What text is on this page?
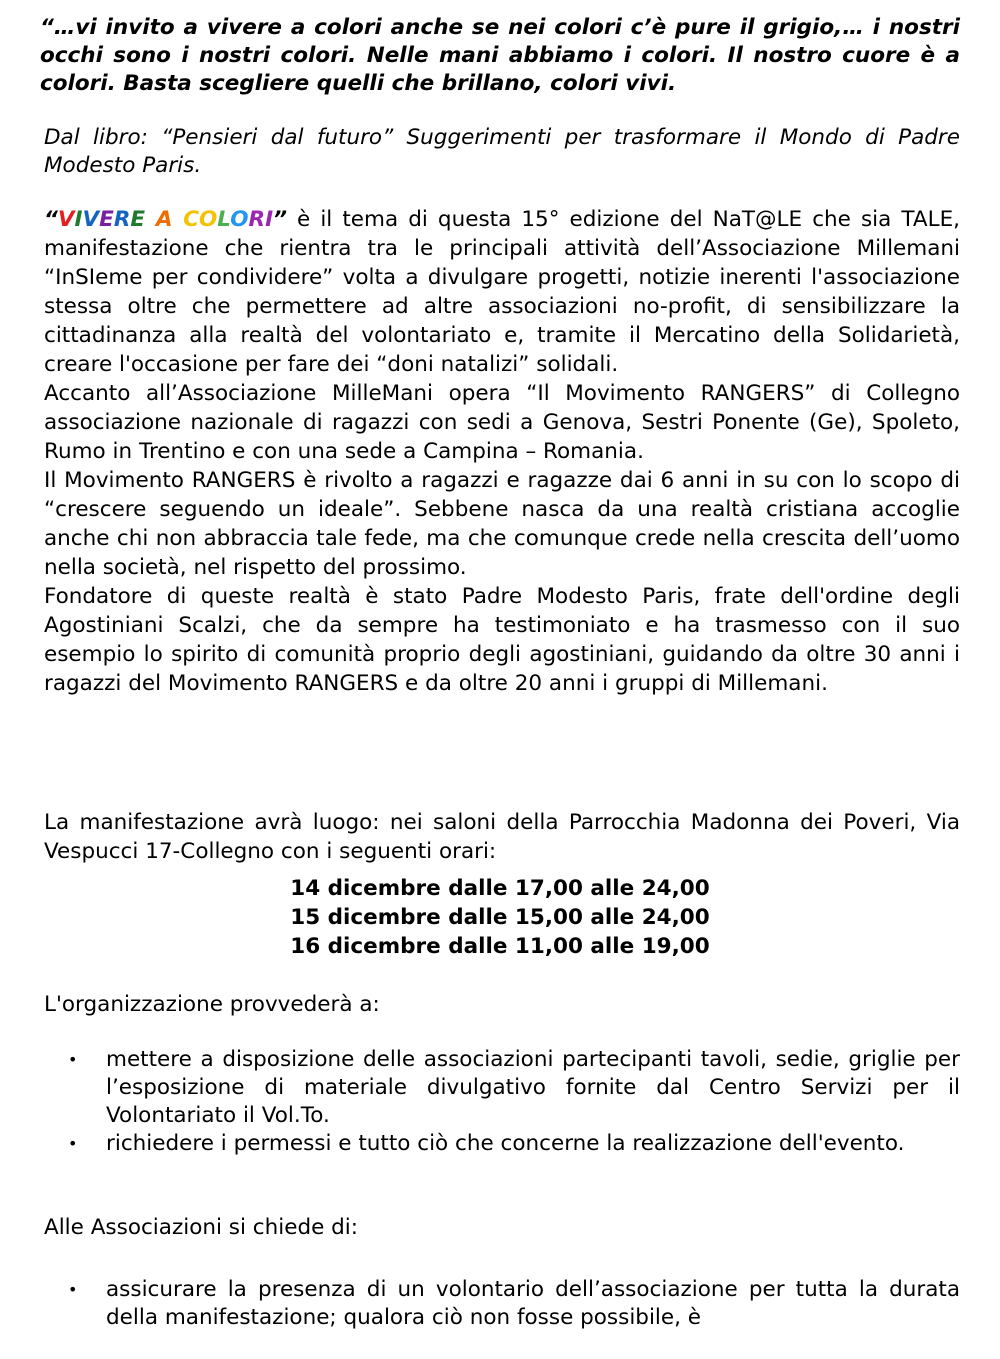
“…vi invito a vivere a colori anche se nei colori c’è pure il grigio,… i nostri occhi sono i nostri colori. Nelle mani abbiamo i colori. Il nostro cuore è a colori. Basta scegliere quelli che brillano, colori vivi.

Dal libro: “Pensieri dal futuro” Suggerimenti per trasformare il Mondo di Padre Modesto Paris.

“VIVERE A COLORI” è il tema di questa 15° edizione del NaT@LE che sia TALE, manifestazione che rientra tra le principali attività dell’Associazione Millemani “InSIeme per condividere” volta a divulgare progetti, notizie inerenti l'associazione stessa oltre che permettere ad altre associazioni no-profit, di sensibilizzare la cittadinanza alla realtà del volontariato e, tramite il Mercatino della Solidarietà, creare l'occasione per fare dei “doni natalizi” solidali.

Accanto all’Associazione MilleMani opera “Il Movimento RANGERS” di Collegno associazione nazionale di ragazzi con sedi a Genova, Sestri Ponente (Ge), Spoleto, Rumo in Trentino e con una sede a Campina – Romania.

Il Movimento RANGERS è rivolto a ragazzi e ragazze dai 6 anni in su con lo scopo di “crescere seguendo un ideale”. Sebbene nasca da una realtà cristiana accoglie anche chi non abbraccia tale fede, ma che comunque crede nella crescita dell’uomo nella società, nel rispetto del prossimo.

Fondatore di queste realtà è stato Padre Modesto Paris, frate dell'ordine degli Agostiniani Scalzi, che da sempre ha testimoniato e ha trasmesso con il suo esempio lo spirito di comunità proprio degli agostiniani, guidando da oltre 30 anni i ragazzi del Movimento RANGERS e da oltre 20 anni i gruppi di Millemani.

La manifestazione avrà luogo: nei saloni della Parrocchia Madonna dei Poveri, Via Vespucci 17-Collegno con i seguenti orari:

14 dicembre dalle 17,00 alle 24,00
15 dicembre dalle 15,00 alle 24,00
16 dicembre dalle 11,00 alle 19,00

L'organizzazione provvederà a:

• mettere a disposizione delle associazioni partecipanti tavoli, sedie, griglie per l’esposizione di materiale divulgativo fornite dal Centro Servizi per il Volontariato il Vol.To.
• richiedere i permessi e tutto ciò che concerne la realizzazione dell'evento.

Alle Associazioni si chiede di:

• assicurare la presenza di un volontario dell’associazione per tutta la durata della manifestazione; qualora ciò non fosse possibile, è
